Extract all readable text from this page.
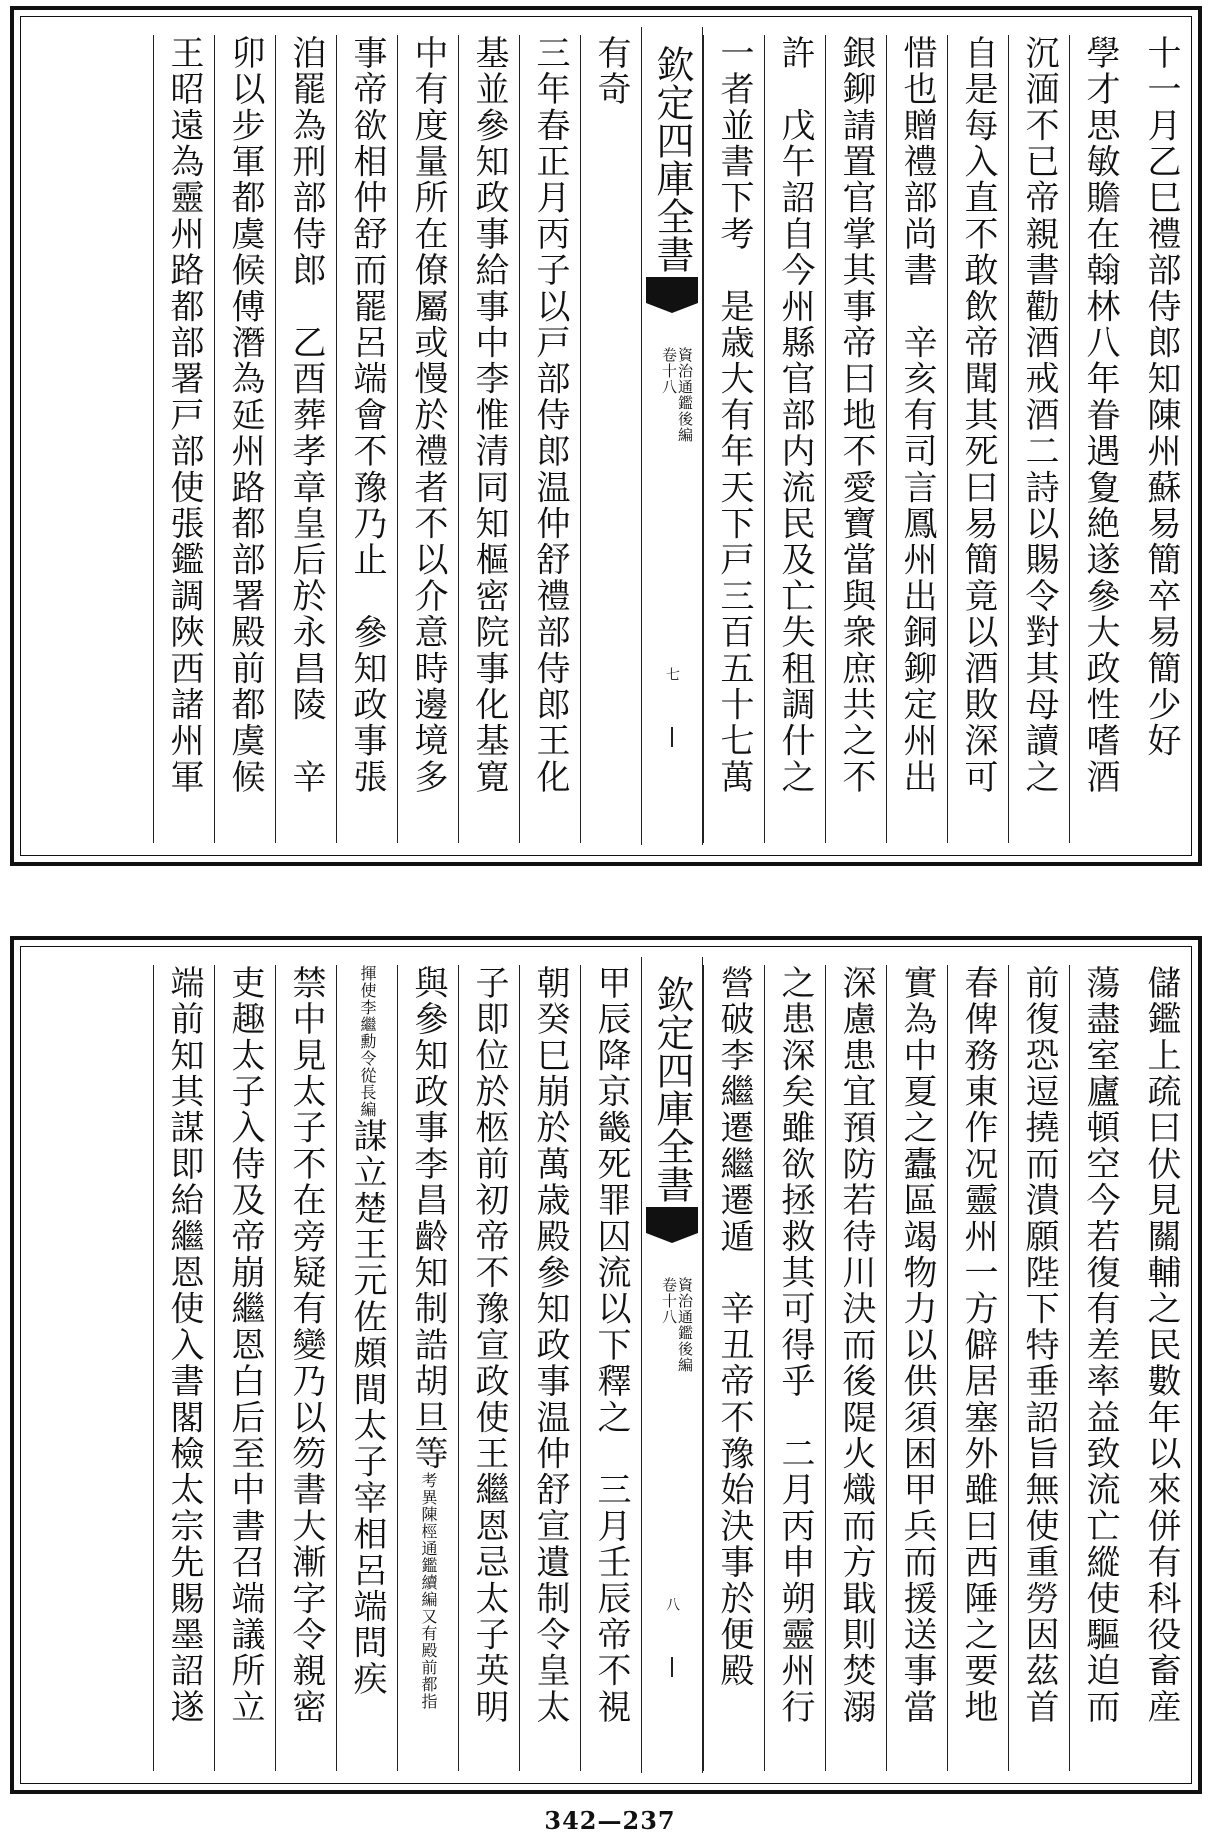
十一月乙巳禮部侍郎知陳州蘇易簡卒易簡少好
學才思敏贍在翰林八年眷遇夐絶遂參大政性嗜酒
沉湎不已帝親書勸酒戒酒二詩以賜令對其母讀之
自是每入直不敢飲帝聞其死曰易簡竟以酒敗深可
惜也贈禮部尚書　辛亥有司言鳳州出銅鉚定州出
銀鉚請置官掌其事帝曰地不愛寶當與衆庶共之不
許　戊午詔自今州縣官部内流民及亡失租調什之
一者並書下考　是歳大有年天下戸三百五十七萬
欽定四庫全書
資治通鑑後編
卷十八
七
有奇
三年春正月丙子以戸部侍郎温仲舒禮部侍郎王化
基並參知政事給事中李惟清同知樞密院事化基寛
中有度量所在僚屬或慢於禮者不以介意時邊境多
事帝欲相仲舒而罷呂端會不豫乃止　參知政事張
洎罷為刑部侍郎　乙酉葬孝章皇后於永昌陵　辛
卯以步軍都虞候傅潛為延州路都部署殿前都虞候
王昭遠為靈州路都部署戸部使張鑑調陜西諸州軍
儲鑑上疏曰伏見關輔之民數年以來併有科役畜産
蕩盡室廬頓空今若復有差率益致流亡縱使驅迫而
前復恐逗撓而潰願陛下特垂詔旨無使重勞因茲首
春俾務東作况靈州一方僻居塞外雖曰西陲之要地
實為中夏之蠹區竭物力以供須困甲兵而援送事當
深慮患宜預防若待川決而後隄火熾而方戢則焚溺
之患深矣雖欲拯救其可得乎　二月丙申朔靈州行
營破李繼遷繼遷遁　辛丑帝不豫始決事於便殿
欽定四庫全書
資治通鑑後編
卷十八
八
甲辰降京畿死罪囚流以下釋之　三月壬辰帝不視
朝癸巳崩於萬歳殿參知政事温仲舒宣遺制令皇太
子即位於柩前初帝不豫宣政使王繼恩忌太子英明
與參知政事李昌齡知制誥胡旦等考異陳桱通鑑續編又有殿前都指
揮使李繼勳令從長編謀立楚王元佐頗間太子宰相呂端問疾
禁中見太子不在旁疑有變乃以笏書大漸字令親密
吏趣太子入侍及帝崩繼恩白后至中書召端議所立
端前知其謀即紿繼恩使入書閣檢太宗先賜墨詔遂
342—237
